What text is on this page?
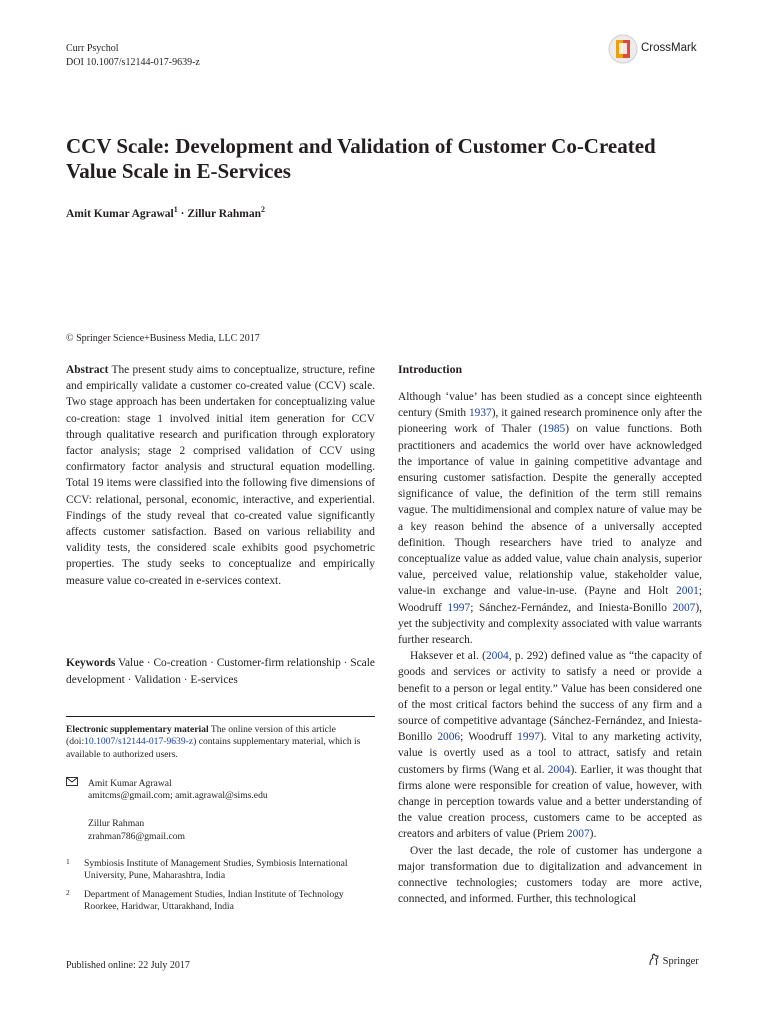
Curr Psychol
DOI 10.1007/s12144-017-9639-z
CrossMark
CCV Scale: Development and Validation of Customer Co-Created Value Scale in E-Services
Amit Kumar Agrawal$^1$ · Zillur Rahman$^2$
© Springer Science+Business Media, LLC 2017
Abstract The present study aims to conceptualize, structure, refine and empirically validate a customer co-created value (CCV) scale. Two stage approach has been undertaken for conceptualizing value co-creation: stage 1 involved initial item generation for CCV through qualitative research and purification through exploratory factor analysis; stage 2 comprised validation of CCV using confirmatory factor analysis and structural equation modelling. Total 19 items were classified into the following five dimensions of CCV: relational, personal, economic, interactive, and experiential. Findings of the study reveal that co-created value significantly affects customer satisfaction. Based on various reliability and validity tests, the considered scale exhibits good psychometric properties. The study seeks to conceptualize and empirically measure value co-created in e-services context.
Keywords Value · Co-creation · Customer-firm relationship · Scale development · Validation · E-services
Electronic supplementary material The online version of this article (doi:10.1007/s12144-017-9639-z) contains supplementary material, which is available to authorized users.
Amit Kumar Agrawal
amitcms@gmail.com; amit.agrawal@sims.edu
Zillur Rahman
zrahman786@gmail.com
1 Symbiosis Institute of Management Studies, Symbiosis International University, Pune, Maharashtra, India
2 Department of Management Studies, Indian Institute of Technology Roorkee, Haridwar, Uttarakhand, India
Introduction
Although ‘value’ has been studied as a concept since eighteenth century (Smith 1937), it gained research prominence only after the pioneering work of Thaler (1985) on value functions. Both practitioners and academics the world over have acknowledged the importance of value in gaining competitive advantage and ensuring customer satisfaction. Despite the generally accepted significance of value, the definition of the term still remains vague. The multidimensional and complex nature of value may be a key reason behind the absence of a universally accepted definition. Though researchers have tried to analyze and conceptualize value as added value, value chain analysis, superior value, perceived value, relationship value, stakeholder value, value-in exchange and value-in-use. (Payne and Holt 2001; Woodruff 1997; Sánchez-Fernández, and Iniesta-Bonillo 2007), yet the subjectivity and complexity associated with value warrants further research.
Haksever et al. (2004, p. 292) defined value as “the capacity of goods and services or activity to satisfy a need or provide a benefit to a person or legal entity.” Value has been considered one of the most critical factors behind the success of any firm and a source of competitive advantage (Sánchez-Fernández, and Iniesta-Bonillo 2006; Woodruff 1997). Vital to any marketing activity, value is overtly used as a tool to attract, satisfy and retain customers by firms (Wang et al. 2004). Earlier, it was thought that firms alone were responsible for creation of value, however, with change in perception towards value and a better understanding of the value creation process, customers came to be accepted as creators and arbiters of value (Priem 2007).
Over the last decade, the role of customer has undergone a major transformation due to digitalization and advancement in connective technologies; customers today are more active, connected, and informed. Further, this technological
Published online: 22 July 2017	Springer
